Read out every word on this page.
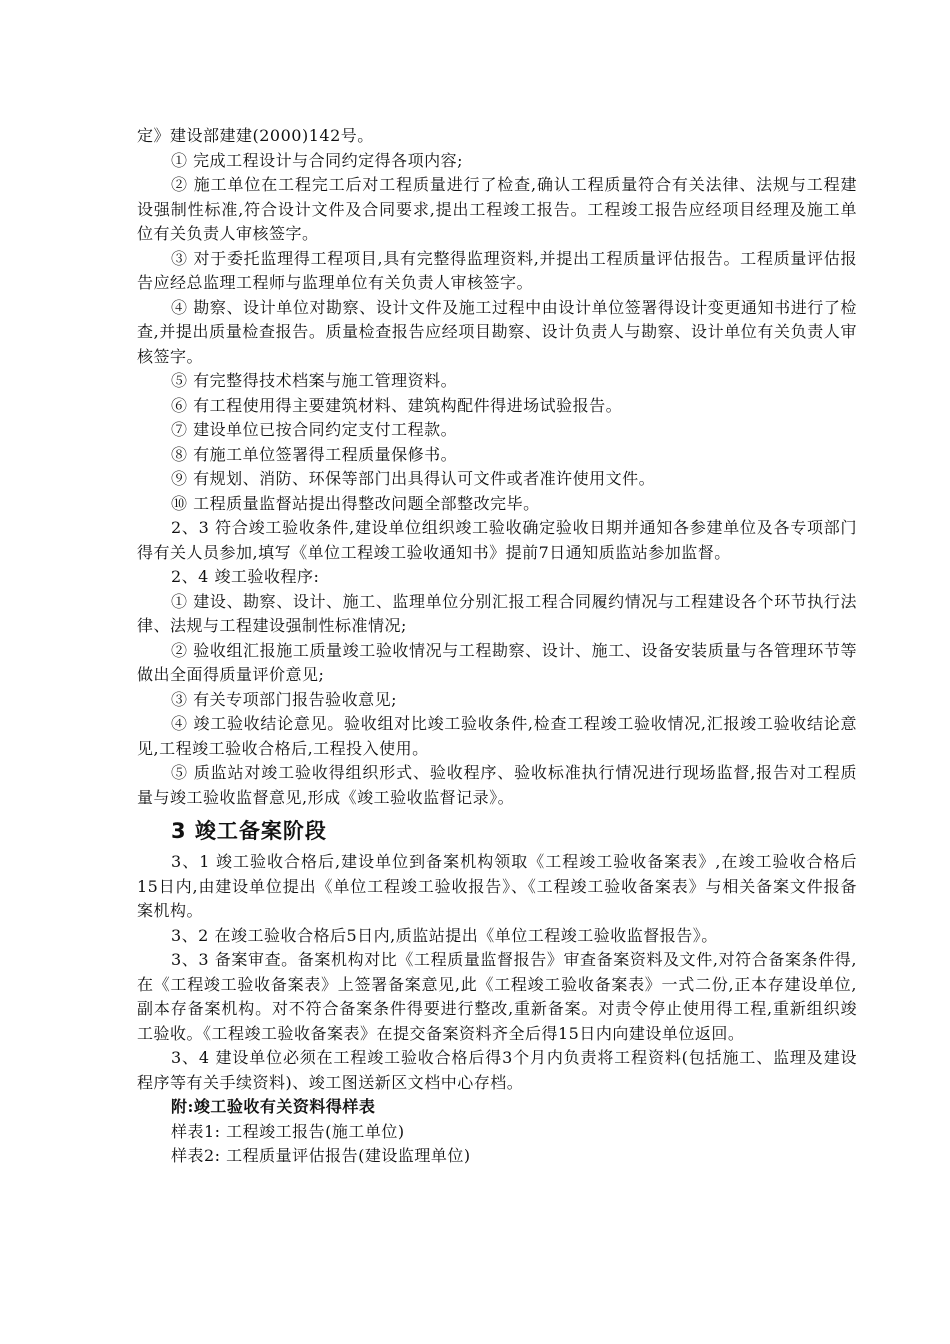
定》建设部建建(2000)142号。

① 完成工程设计与合同约定得各项内容;

② 施工单位在工程完工后对工程质量进行了检查,确认工程质量符合有关法律、法规与工程建设强制性标准,符合设计文件及合同要求,提出工程竣工报告。工程竣工报告应经项目经理及施工单位有关负责人审核签字。

③ 对于委托监理得工程项目,具有完整得监理资料,并提出工程质量评估报告。工程质量评估报告应经总监理工程师与监理单位有关负责人审核签字。

④ 勘察、设计单位对勘察、设计文件及施工过程中由设计单位签署得设计变更通知书进行了检查,并提出质量检查报告。质量检查报告应经项目勘察、设计负责人与勘察、设计单位有关负责人审核签字。

⑤ 有完整得技术档案与施工管理资料。

⑥ 有工程使用得主要建筑材料、建筑构配件得进场试验报告。

⑦ 建设单位已按合同约定支付工程款。

⑧ 有施工单位签署得工程质量保修书。

⑨ 有规划、消防、环保等部门出具得认可文件或者准许使用文件。

⑩ 工程质量监督站提出得整改问题全部整改完毕。

2、3 符合竣工验收条件,建设单位组织竣工验收确定验收日期并通知各参建单位及各专项部门得有关人员参加,填写《单位工程竣工验收通知书》提前7日通知质监站参加监督。

2、4 竣工验收程序:

① 建设、勘察、设计、施工、监理单位分别汇报工程合同履约情况与工程建设各个环节执行法律、法规与工程建设强制性标准情况;

② 验收组汇报施工质量竣工验收情况与工程勘察、设计、施工、设备安装质量与各管理环节等做出全面得质量评价意见;

③ 有关专项部门报告验收意见;

④ 竣工验收结论意见。验收组对比竣工验收条件,检查工程竣工验收情况,汇报竣工验收结论意见,工程竣工验收合格后,工程投入使用。

⑤ 质监站对竣工验收得组织形式、验收程序、验收标准执行情况进行现场监督,报告对工程质量与竣工验收监督意见,形成《竣工验收监督记录》。

3 竣工备案阶段

3、1 竣工验收合格后,建设单位到备案机构领取《工程竣工验收备案表》,在竣工验收合格后15日内,由建设单位提出《单位工程竣工验收报告》、《工程竣工验收备案表》与相关备案文件报备案机构。

3、2 在竣工验收合格后5日内,质监站提出《单位工程竣工验收监督报告》。

3、3 备案审查。备案机构对比《工程质量监督报告》审查备案资料及文件,对符合备案条件得,在《工程竣工验收备案表》上签署备案意见,此《工程竣工验收备案表》一式二份,正本存建设单位,副本存备案机构。对不符合备案条件得要进行整改,重新备案。对责令停止使用得工程,重新组织竣工验收。《工程竣工验收备案表》在提交备案资料齐全后得15日内向建设单位返回。

3、4 建设单位必须在工程竣工验收合格后得3个月内负责将工程资料(包括施工、监理及建设程序等有关手续资料)、竣工图送新区文档中心存档。

附:竣工验收有关资料得样表

样表1: 工程竣工报告(施工单位)

样表2: 工程质量评估报告(建设监理单位)
